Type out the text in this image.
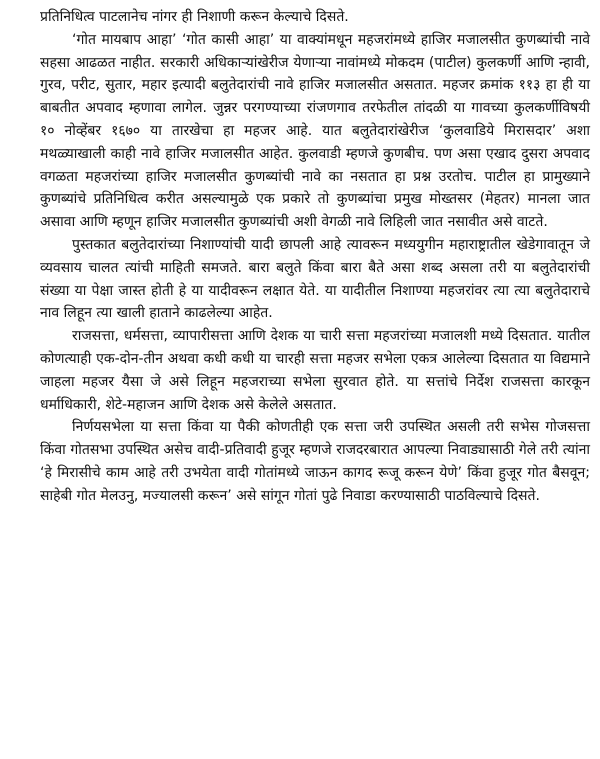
प्रतिनिधित्व पाटलानेच नांगर ही निशाणी करून केल्याचे दिसते.

‘गोत मायबाप आहा’ ‘गोत कासी आहा’ या वाक्यांमधून महजरांमध्ये हाजिर मजालसीत कुणब्यांची नावे सहसा आढळत नाहीत. सरकारी अधिकाऱ्यांखेरीज येणाऱ्या नावांमध्ये मोकदम (पाटील) कुलकर्णी आणि न्हावी, गुरव, परीट, सुतार, महार इत्यादी बलुतेदारांची नावे हाजिर मजालसीत असतात. महजर क्रमांक ११३ हा ही या बाबतीत अपवाद म्हणावा लागेल. जुन्नर परगण्याच्या रांजणगाव तरफेतील तांदळी या गावच्या कुलकर्णीविषयी १० नोव्हेंबर १६७० या तारखेचा हा महजर आहे. यात बलुतेदारांखेरीज ‘कुलवाडिये मिरासदार’ अशा मथळ्याखाली काही नावे हाजिर मजालसीत आहेत. कुलवाडी म्हणजे कुणबीच. पण असा एखाद दुसरा अपवाद वगळता महजरांच्या हाजिर मजालसीत कुणब्यांची नावे का नसतात हा प्रश्न उरतोच. पाटील हा प्रामुख्याने कुणब्यांचे प्रतिनिधित्व करीत असल्यामुळे एक प्रकारे तो कुणब्यांचा प्रमुख मोख्तसर (मेहतर) मानला जात असावा आणि म्हणून हाजिर मजालसीत कुणब्यांची अशी वेगळी नावे लिहिली जात नसावीत असे वाटते.

पुस्तकात बलुतेदारांच्या निशाण्यांची यादी छापली आहे त्यावरून मध्ययुगीन महाराष्ट्रातील खेडेगावातून जे व्यवसाय चालत त्यांची माहिती समजते. बारा बलुते किंवा बारा बैते असा शब्द असला तरी या बलुतेदारांची संख्या या पेक्षा जास्त होती हे या यादीवरून लक्षात येते. या यादीतील निशाण्या महजरांवर त्या त्या बलुतेदाराचे नाव लिहून त्या खाली हाताने काढलेल्या आहेत.

राजसत्ता, धर्मसत्ता, व्यापारीसत्ता आणि देशक या चारी सत्ता महजरांच्या मजालशी मध्ये दिसतात. यातील कोणत्याही एक-दोन-तीन अथवा कधी कधी या चारही सत्ता महजर सभेला एकत्र आलेल्या दिसतात या विद्यमाने जाहला महजर यैसा जे असे लिहून महजराच्या सभेला सुरवात होते. या सत्तांचे निर्देश राजसत्ता कारकून धर्माधिकारी, शेटे-महाजन आणि देशक असे केलेले असतात.

निर्णयसभेला या सत्ता किंवा या पैकी कोणतीही एक सत्ता जरी उपस्थित असली तरी सभेस गोजसत्ता किंवा गोतसभा उपस्थित असेच वादी-प्रतिवादी हुजूर म्हणजे राजदरबारात आपल्या निवाड्यासाठी गेले तरी त्यांना ‘हे मिरासीचे काम आहे तरी उभयेता वादी गोतांमध्ये जाऊन कागद रूजू करून येणे’ किंवा हुजूर गोत बैसवून; साहेबी गोत मेलउनु, मज्यालसी करून’ असे सांगून गोतां पुढे निवाडा करण्यासाठी पाठविल्याचे दिसते.
